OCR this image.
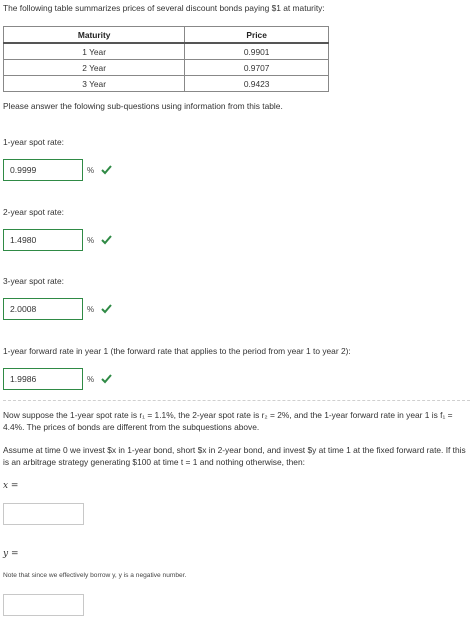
The following table summarizes prices of several discount bonds paying $1 at maturity:
Maturity	Price
1 Year	0.9901
2 Year	0.9707
3 Year	0.9423
Please answer the folowing sub-questions using information from this table.
1-year spot rate:
0.9999	%
2-year spot rate:
1.4980	%
3-year spot rate:
2.0008	%
1-year forward rate in year 1 (the forward rate that applies to the period from year 1 to year 2):
1.9986	%
Now suppose the 1-year spot rate is r₁ = 1.1%, the 2-year spot rate is r₂ = 2%, and the 1-year forward rate in year 1 is f₁ = 4.4%. The prices of bonds are different from the subquestions above.
Assume at time 0 we invest $x in 1-year bond, short $x in 2-year bond, and invest $y at time 1 at the fixed forward rate. If this is an arbitrage strategy generating $100 at time t = 1 and nothing otherwise, then:
x =
y =
Note that since we effectively borrow y, y is a negative number.
